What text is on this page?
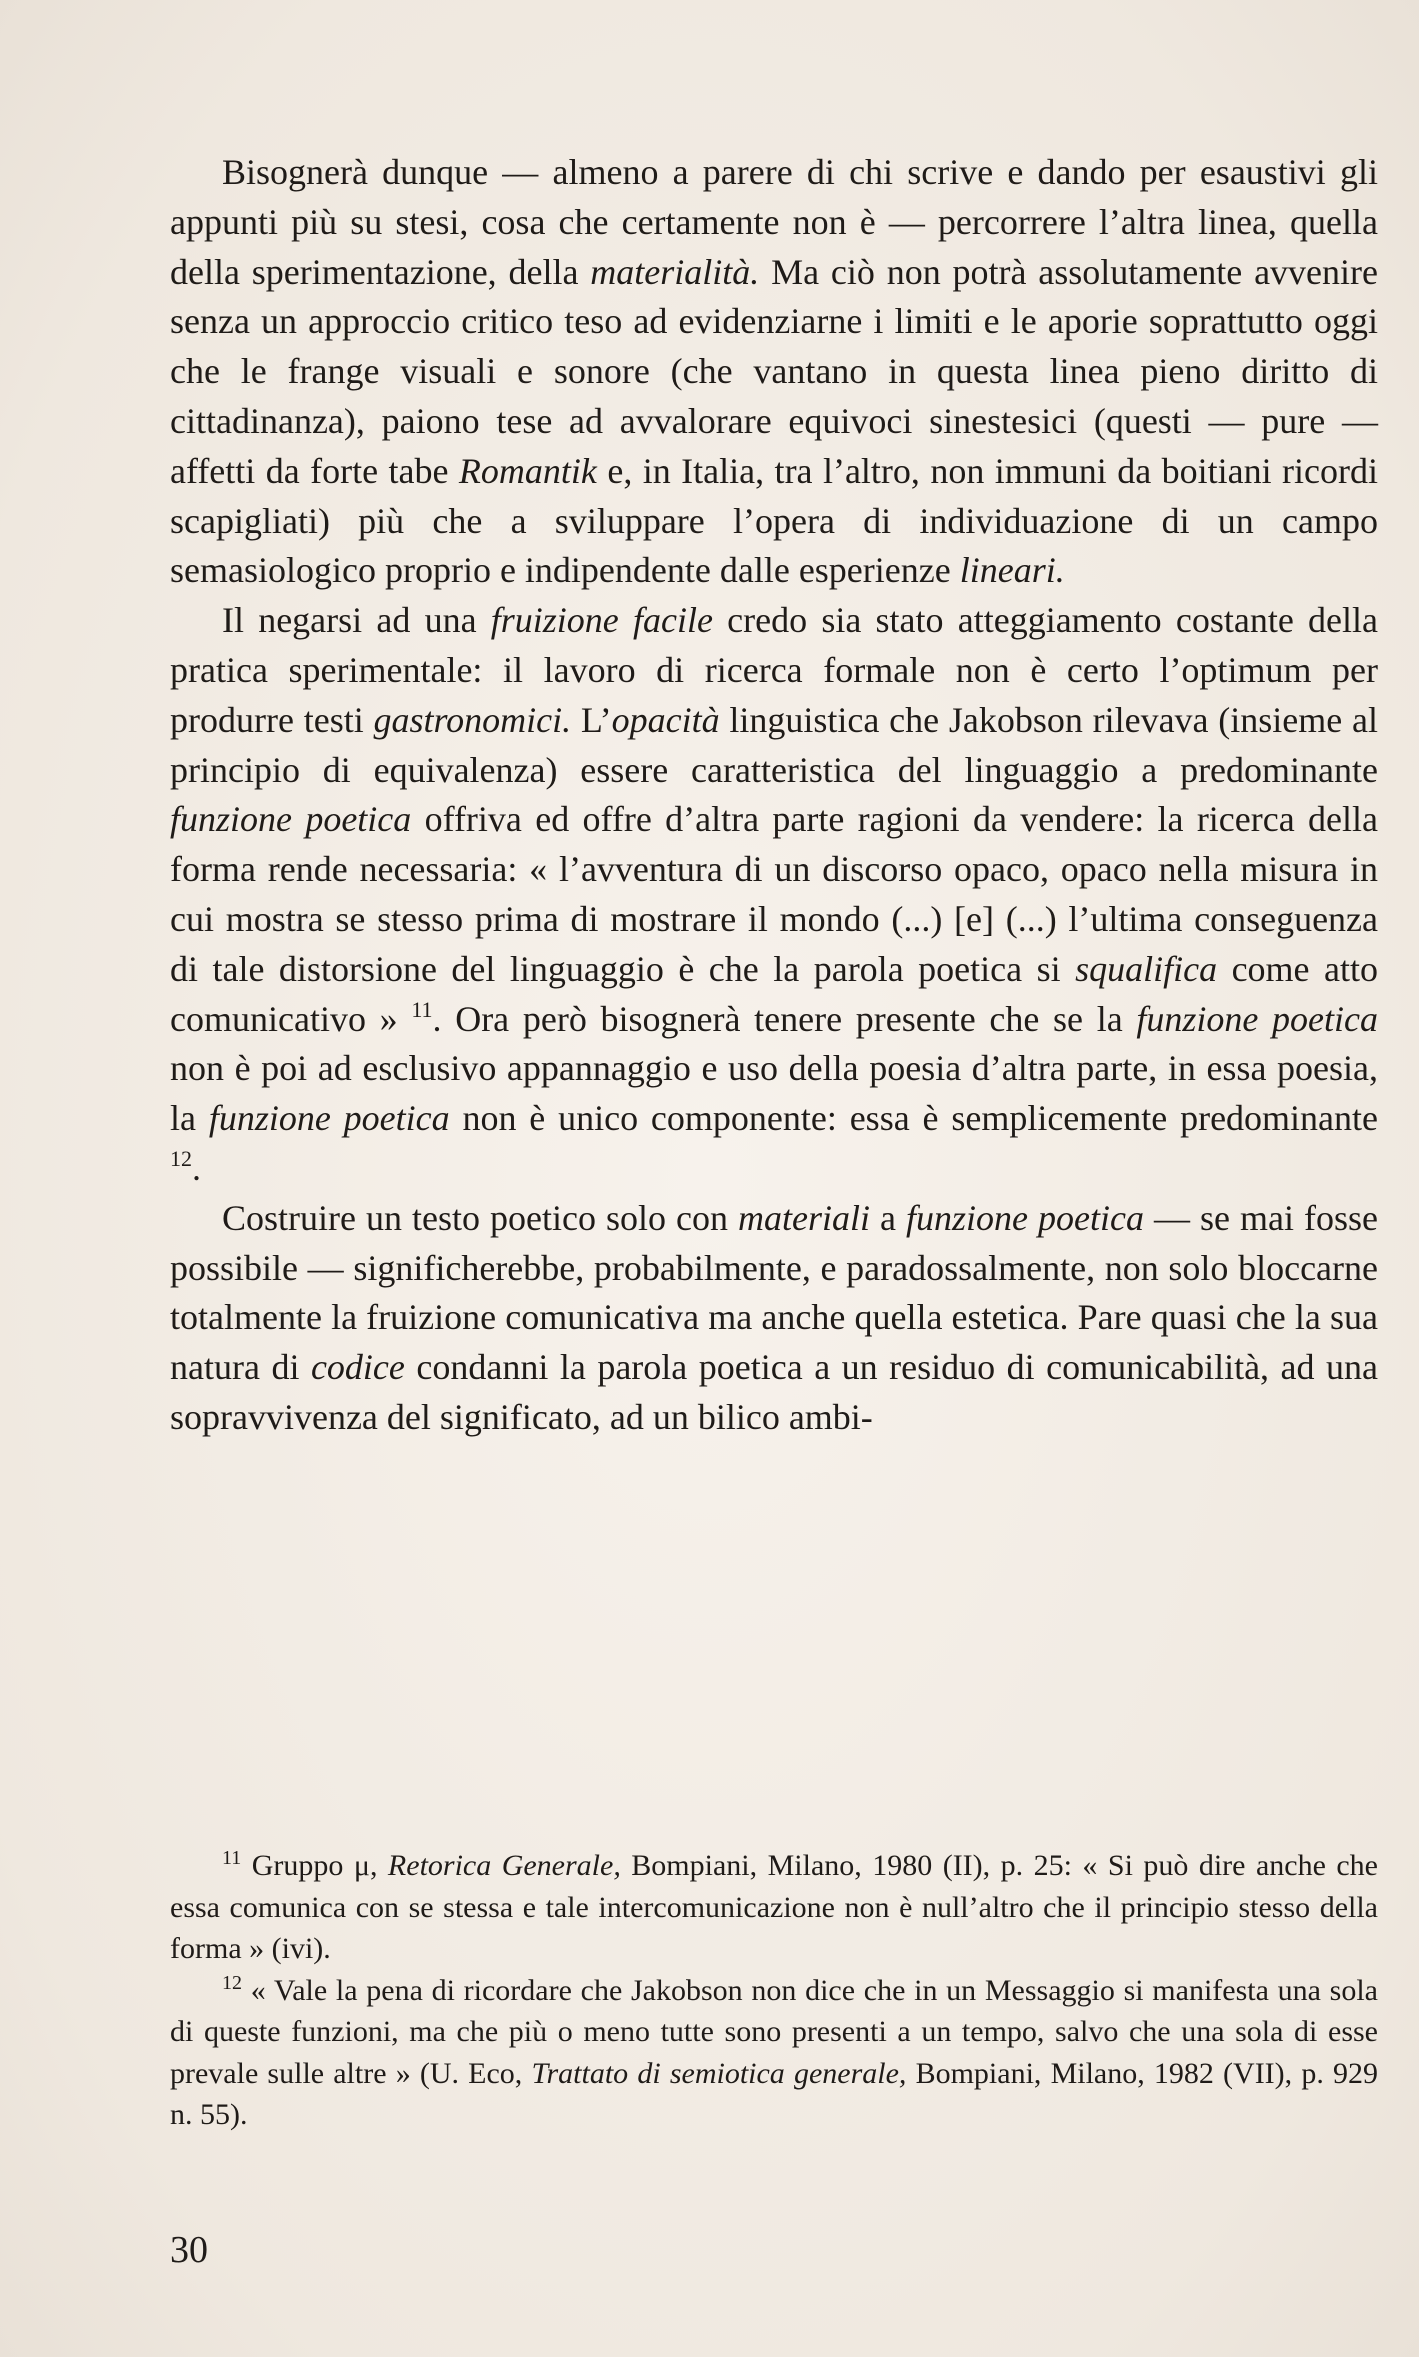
Bisognerà dunque — almeno a parere di chi scrive e dando per esaustivi gli appunti più su stesi, cosa che certamente non è — percorrere l’altra linea, quella della sperimentazione, della materialità. Ma ciò non potrà assolutamente avvenire senza un approccio critico teso ad evidenziarne i limiti e le aporie soprattutto oggi che le frange visuali e sonore (che vantano in questa linea pieno diritto di cittadinanza), paiono tese ad avvalorare equivoci sinestesici (questi — pure — affetti da forte tabe Romantik e, in Italia, tra l’altro, non immuni da boitiani ricordi scapigliati) più che a sviluppare l’opera di individuazione di un campo semasiologico proprio e indipendente dalle esperienze lineari.

Il negarsi ad una fruizione facile credo sia stato atteggiamento costante della pratica sperimentale: il lavoro di ricerca formale non è certo l’optimum per produrre testi gastronomici. L’opacità linguistica che Jakobson rilevava (insieme al principio di equivalenza) essere caratteristica del linguaggio a predominante funzione poetica offriva ed offre d’altra parte ragioni da vendere: la ricerca della forma rende necessaria: « l’avventura di un discorso opaco, opaco nella misura in cui mostra se stesso prima di mostrare il mondo (...) [e] (...) l’ultima conseguenza di tale distorsione del linguaggio è che la parola poetica si squalifica come atto comunicativo » $^{11}$. Ora però bisognerà tenere presente che se la funzione poetica non è poi ad esclusivo appannaggio e uso della poesia d’altra parte, in essa poesia, la funzione poetica non è unico componente: essa è semplicemente predominante $^{12}$.

Costruire un testo poetico solo con materiali a funzione poetica — se mai fosse possibile — significherebbe, probabilmente, e paradossalmente, non solo bloccarne totalmente la fruizione comunicativa ma anche quella estetica. Pare quasi che la sua natura di codice condanni la parola poetica a un residuo di comunicabilità, ad una sopravvivenza del significato, ad un bilico ambi-

$^{11}$ Gruppo μ, Retorica Generale, Bompiani, Milano, 1980 (II), p. 25: « Si può dire anche che essa comunica con se stessa e tale intercomunicazione non è null’altro che il principio stesso della forma » (ivi).

$^{12}$ « Vale la pena di ricordare che Jakobson non dice che in un Messaggio si manifesta una sola di queste funzioni, ma che più o meno tutte sono presenti a un tempo, salvo che una sola di esse prevale sulle altre » (U. Eco, Trattato di semiotica generale, Bompiani, Milano, 1982 (VII), p. 929 n. 55).

30
